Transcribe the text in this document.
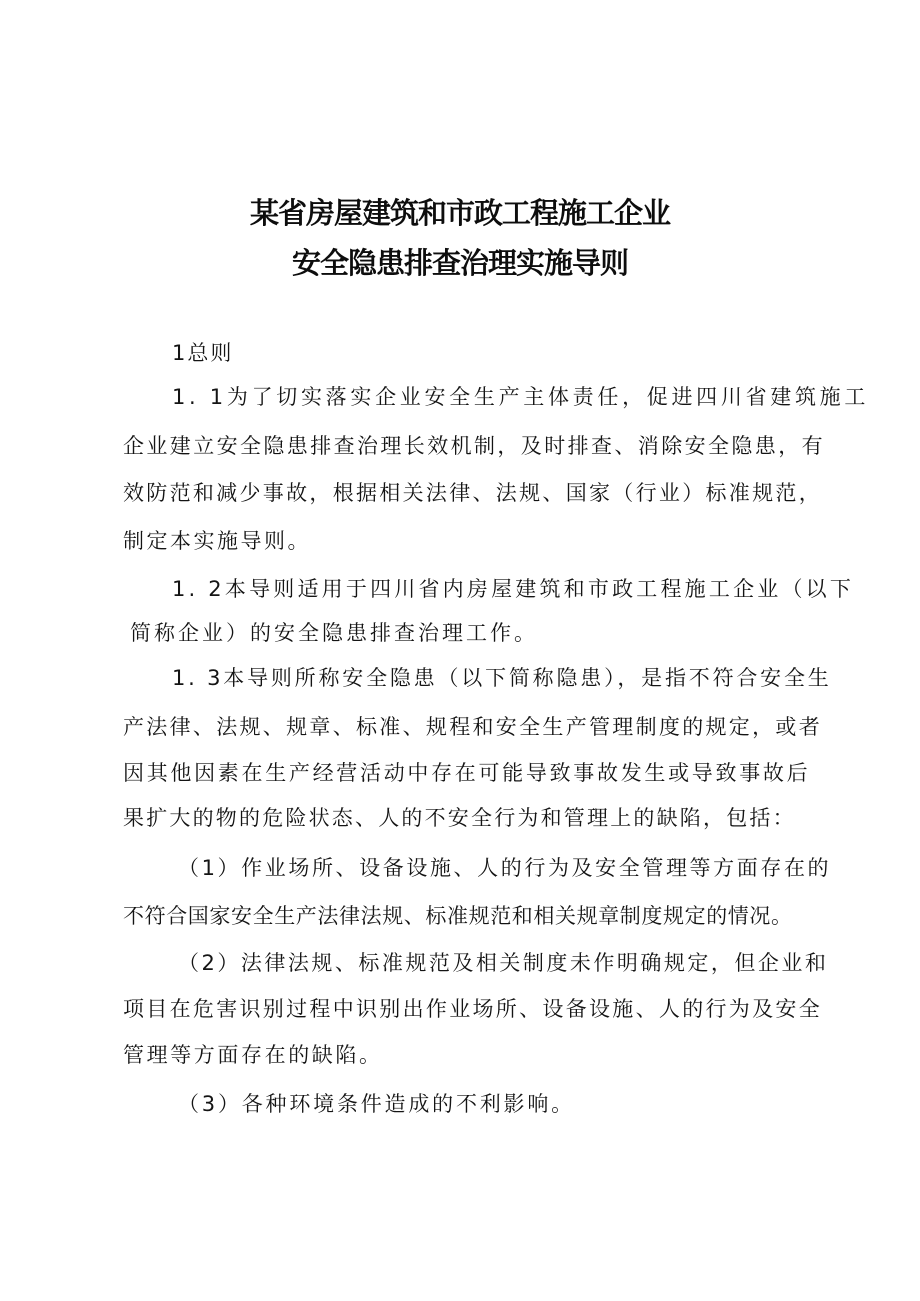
某省房屋建筑和市政工程施工企业
安全隐患排查治理实施导则
1总则
1. 1为了切实落实企业安全生产主体责任，促进四川省建筑施工
企业建立安全隐患排查治理长效机制，及时排查、消除安全隐患，有
效防范和减少事故，根据相关法律、法规、国家（行业）标准规范，
制定本实施导则。
1. 2本导则适用于四川省内房屋建筑和市政工程施工企业（以下
简称企业）的安全隐患排查治理工作。
1. 3本导则所称安全隐患（以下简称隐患），是指不符合安全生
产法律、法规、规章、标准、规程和安全生产管理制度的规定，或者
因其他因素在生产经营活动中存在可能导致事故发生或导致事故后
果扩大的物的危险状态、人的不安全行为和管理上的缺陷，包括：
（1）作业场所、设备设施、人的行为及安全管理等方面存在的
不符合国家安全生产法律法规、标准规范和相关规章制度规定的情况。
（2）法律法规、标准规范及相关制度未作明确规定，但企业和
项目在危害识别过程中识别出作业场所、设备设施、人的行为及安全
管理等方面存在的缺陷。
（3）各种环境条件造成的不利影响。
